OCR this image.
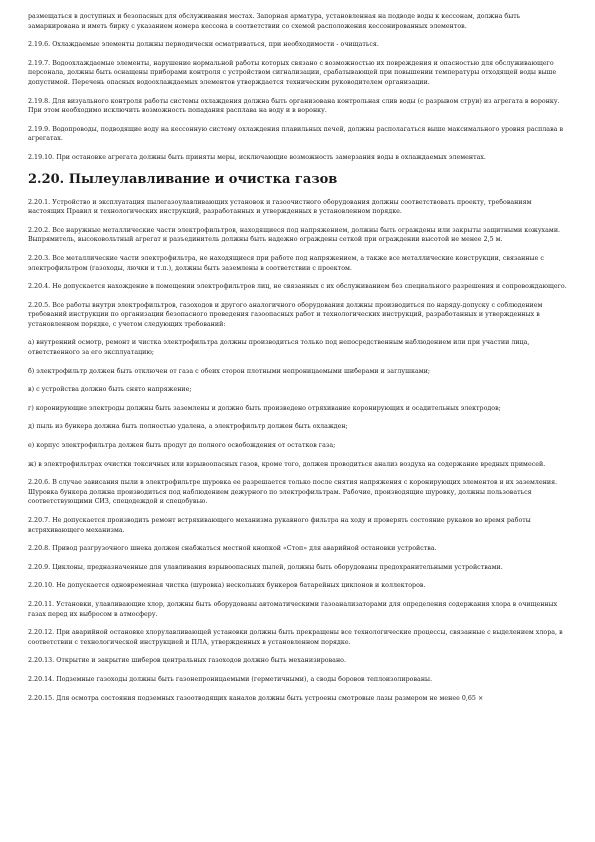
размещаться в доступных и безопасных для обслуживания местах. Запорная арматура, установленная на подводе воды к кессонам, должна быть замаркирована и иметь бирку с указанием номера кессона в соответствии со схемой расположения кессонированных элементов.

2.19.6. Охлаждаемые элементы должны периодически осматриваться, при необходимости - очищаться.

2.19.7. Водоохлаждаемые элементы, нарушение нормальной работы которых связано с возможностью их повреждения и опасностью для обслуживающего персонала, должны быть оснащены приборами контроля с устройством сигнализации, срабатывающей при повышении температуры отходящей воды выше допустимой. Перечень опасных водоохлаждаемых элементов утверждается техническим руководителем организации.

2.19.8. Для визуального контроля работы системы охлаждения должна быть организована контрольная слив воды (с разрывом струи) из агрегата в воронку. При этом необходимо исключить возможность попадания расплава на воду и в воронку.

2.19.9. Водопроводы, подводящие воду на кессонную систему охлаждения плавильных печей, должны располагаться выше максимального уровня расплава в агрегатах.

2.19.10. При остановке агрегата должны быть приняты меры, исключающие возможность замерзания воды в охлаждаемых элементах.

2.20. Пылеулавливание и очистка газов

2.20.1. Устройство и эксплуатация пылегазоулавливающих установок и газоочистного оборудования должны соответствовать проекту, требованиям настоящих Правил и технологических инструкций, разработанных и утвержденных в установленном порядке.

2.20.2. Все наружные металлические части электрофильтров, находящиеся под напряжением, должны быть ограждены или закрыты защитными кожухами. Выпрямитель, высоковольтный агрегат и разъединитель должны быть надежно ограждены сеткой при ограждении высотой не менее 2,5 м.

2.20.3. Все металлические части электрофильтра, не находящиеся при работе под напряжением, а также все металлические конструкции, связанные с электрофильтром (газоходы, лючки и т.п.), должны быть заземлены в соответствии с проектом.

2.20.4. Не допускается нахождение в помещении электрофильтров лиц, не связанных с их обслуживанием без специального разрешения и сопровождающего.

2.20.5. Все работы внутри электрофильтров, газоходов и другого аналогичного оборудования должны производиться по наряду-допуску с соблюдением требований инструкции по организации безопасного проведения газоопасных работ и технологических инструкций, разработанных и утвержденных в установленном порядке, с учетом следующих требований:

а) внутренний осмотр, ремонт и чистка электрофильтра должны производиться только под непосредственным наблюдением или при участии лица, ответственного за его эксплуатацию;

б) электрофильтр должен быть отключен от газа с обеих сторон плотными непроницаемыми шиберами и заглушками;

в) с устройства должно быть снято напряжение;

г) коронирующие электроды должны быть заземлены и должно быть произведено отряхивание коронирующих и осадительных электродов;

д) пыль из бункера должна быть полностью удалена, а электрофильтр должен быть охлажден;

е) корпус электрофильтра должен быть продут до полного освобождения от остатков газа;

ж) в электрофильтрах очистки токсичных или взрывоопасных газов, кроме того, должен проводиться анализ воздуха на содержание вредных примесей.

2.20.6. В случае зависания пыли в электрофильтре шуровка ее разрешается только после снятия напряжения с коронирующих элементов и их заземления. Шуровка бункера должна производиться под наблюдением дежурного по электрофильтрам. Рабочие, производящие шуровку, должны пользоваться соответствующими СИЗ, спецодеждой и спецобувью.

2.20.7. Не допускается производить ремонт встряхивающего механизма рукавного фильтра на ходу и проверять состояние рукавов во время работы встряхивающего механизма.

2.20.8. Привод разгрузочного шнека должен снабжаться местной кнопкой «Стоп» для аварийной остановки устройства.

2.20.9. Циклоны, предназначенные для улавливания взрывоопасных пылей, должны быть оборудованы предохранительными устройствами.

2.20.10. Не допускается одновременная чистка (шуровка) нескольких бункеров батарейных циклонов и коллекторов.

2.20.11. Установки, улавливающие хлор, должны быть оборудованы автоматическими газоанализаторами для определения содержания хлора в очищенных газах перед их выбросом в атмосферу.

2.20.12. При аварийной остановке хлорулавливающей установки должны быть прекращены все технологические процессы, связанные с выделением хлора, в соответствии с технологической инструкцией и ПЛА, утвержденных в установленном порядке.

2.20.13. Открытие и закрытие шиберов центральных газоходов должно быть механизировано.

2.20.14. Подземные газоходы должны быть газонепроницаемыми (герметичными), а своды боровов теплоизолированы.

2.20.15. Для осмотра состояния подземных газоотводящих каналов должны быть устроены смотровые лазы размером не менее 0,65 ×
